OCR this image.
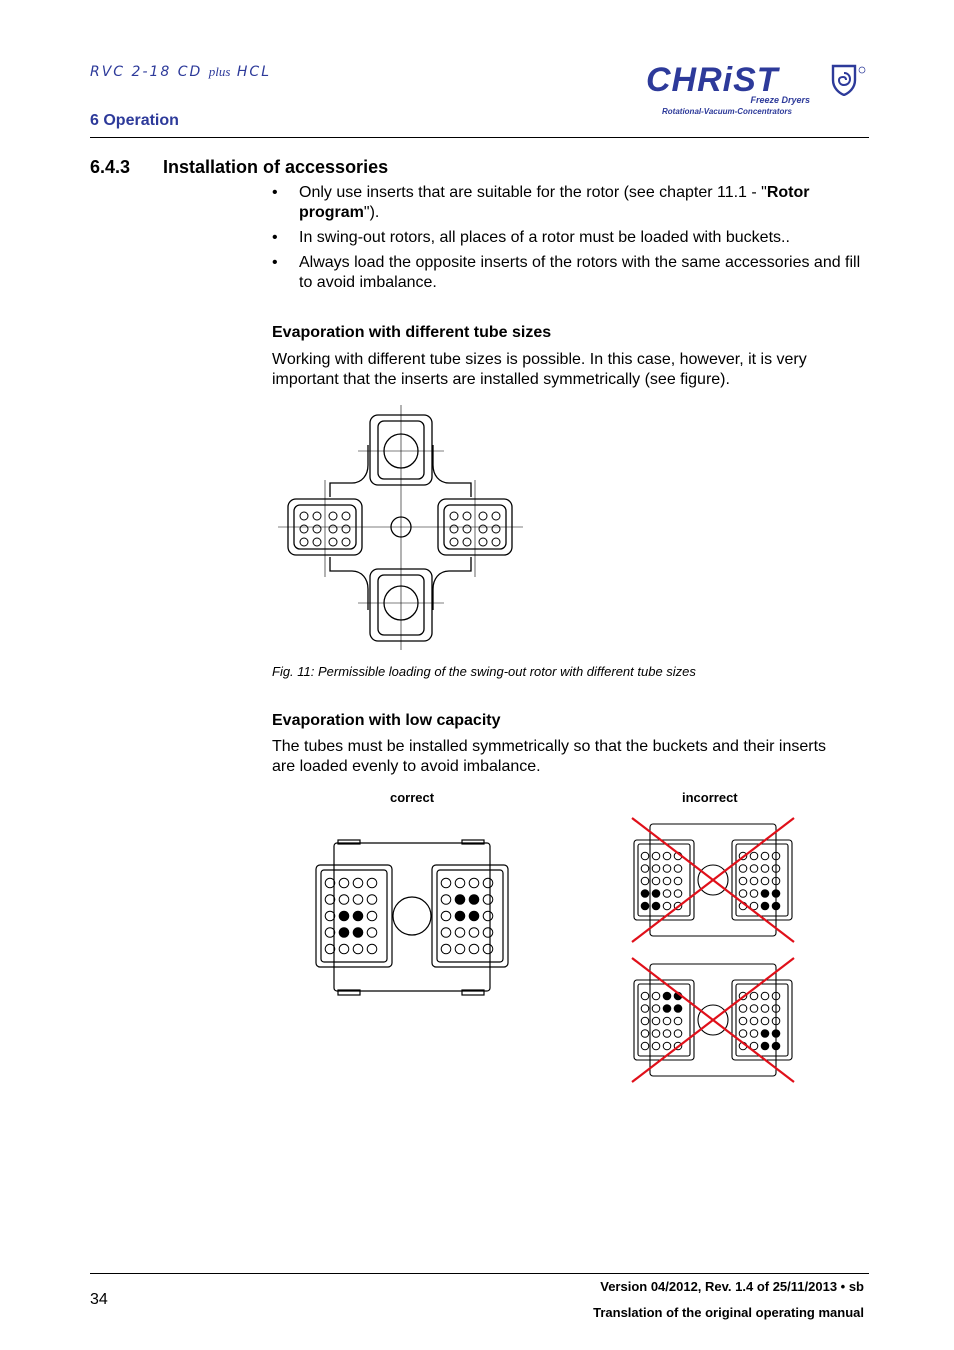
RVC 2-18 CD plus HCL
6 Operation
CHRiST
Freeze Dryers
Rotational-Vacuum-Concentrators
6.4.3 Installation of accessories
• Only use inserts that are suitable for the rotor (see chapter 11.1 - "Rotor program").
• In swing-out rotors, all places of a rotor must be loaded with buckets..
• Always load the opposite inserts of the rotors with the same accessories and fill to avoid imbalance.
Evaporation with different tube sizes
Working with different tube sizes is possible. In this case, however, it is very important that the inserts are installed symmetrically (see figure).
Fig. 11: Permissible loading of the swing-out rotor with different tube sizes
Evaporation with low capacity
The tubes must be installed symmetrically so that the buckets and their inserts are loaded evenly to avoid imbalance.
correct	incorrect
34
Version 04/2012, Rev. 1.4 of 25/11/2013 • sb
Translation of the original operating manual
